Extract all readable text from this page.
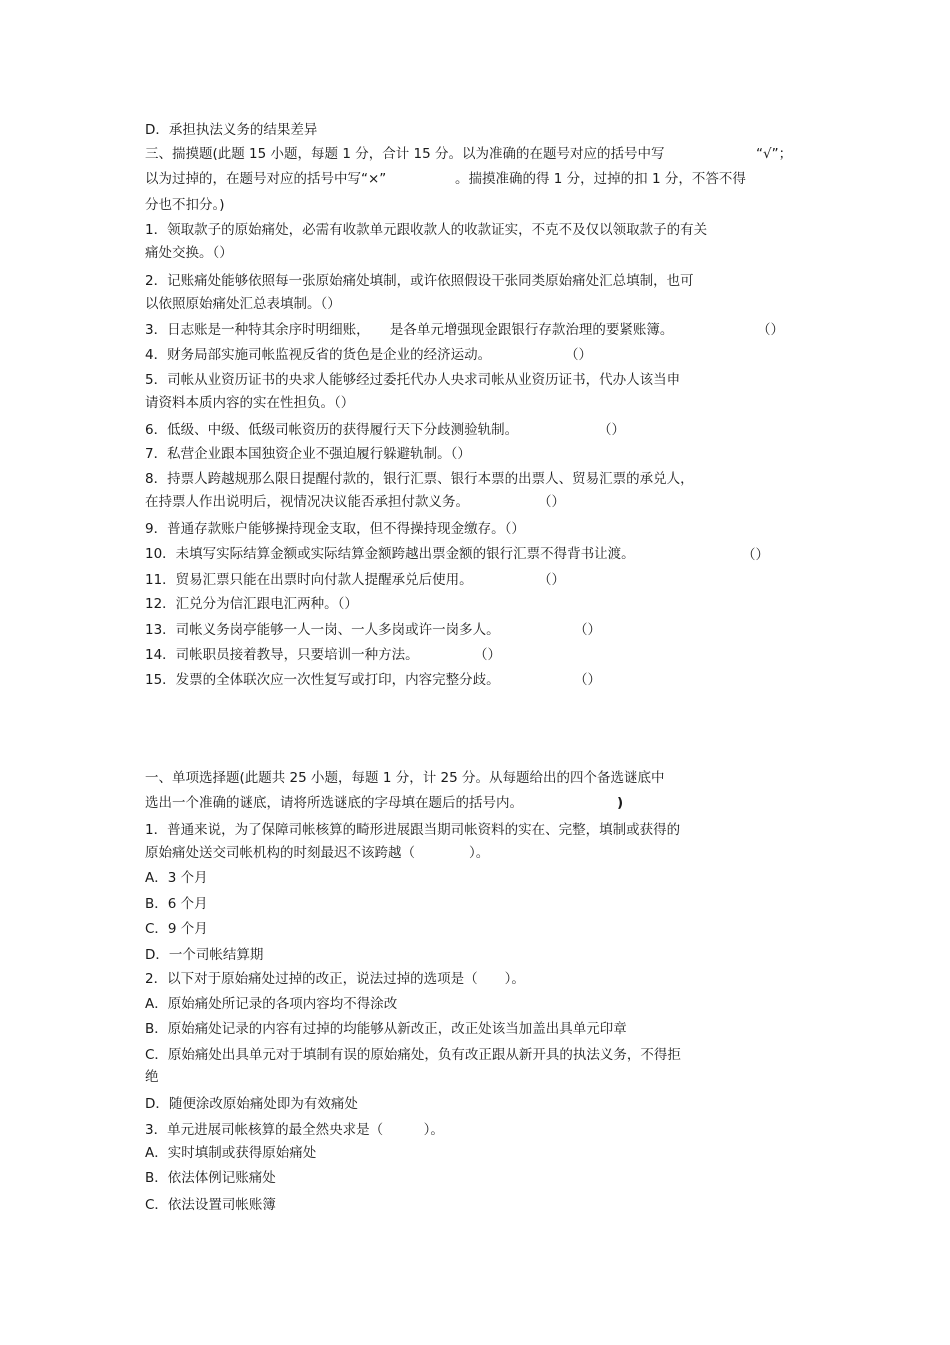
D．承担执法义务的结果差异

三、揣摸题(此题 15 小题，每题 1 分，合计 15 分。以为准确的在题号对应的括号中写	“√”；

以为过掉的，在题号对应的括号中写“×”	。揣摸准确的得 1 分，过掉的扣 1 分，不答不得

分也不扣分。)

1．领取款子的原始痛处，必需有收款单元跟收款人的收款证实，不克不及仅以领取款子的有关

痛处交换。（）

2．记账痛处能够依照每一张原始痛处填制，或许依照假设干张同类原始痛处汇总填制，也可

以依照原始痛处汇总表填制。（）

3．日志账是一种特其余序时明细账，　　是各单元增强现金跟银行存款治理的要紧账簿。	（）

4．财务局部实施司帐监视反省的货色是企业的经济运动。	（）

5．司帐从业资历证书的央求人能够经过委托代办人央求司帐从业资历证书，代办人该当申

请资料本质内容的实在性担负。（）

6．低级、中级、低级司帐资历的获得履行天下分歧测验轨制。	（）

7．私营企业跟本国独资企业不强迫履行躲避轨制。（）

8．持票人跨越规那么限日提醒付款的，银行汇票、银行本票的出票人、贸易汇票的承兑人，

在持票人作出说明后，视情况决议能否承担付款义务。	（）

9．普通存款账户能够操持现金支取，但不得操持现金缴存。（）

10．未填写实际结算金额或实际结算金额跨越出票金额的银行汇票不得背书让渡。	（）

11．贸易汇票只能在出票时向付款人提醒承兑后使用。	（）

12．汇兑分为信汇跟电汇两种。（）

13．司帐义务岗亭能够一人一岗、一人多岗或许一岗多人。	（）

14．司帐职员接着教导，只要培训一种方法。	（）

15．发票的全体联次应一次性复写或打印，内容完整分歧。	（）

一、单项选择题(此题共 25 小题，每题 1 分，计 25 分。从每题给出的四个备选谜底中

选出一个准确的谜底，请将所选谜底的字母填在题后的括号内。	)

1．普通来说，为了保障司帐核算的畸形进展跟当期司帐资料的实在、完整，填制或获得的

原始痛处送交司帐机构的时刻最迟不该跨越（　　　　）。

A．3 个月

B．6 个月

C．9 个月

D．一个司帐结算期

2．以下对于原始痛处过掉的改正，说法过掉的选项是（　　）。

A．原始痛处所记录的各项内容均不得涂改

B．原始痛处记录的内容有过掉的均能够从新改正，改正处该当加盖出具单元印章

C．原始痛处出具单元对于填制有误的原始痛处，负有改正跟从新开具的执法义务，不得拒

绝

D．随便涂改原始痛处即为有效痛处

3．单元进展司帐核算的最全然央求是（　　　）。

A．实时填制或获得原始痛处

B．依法体例记账痛处

C．依法设置司帐账簿
